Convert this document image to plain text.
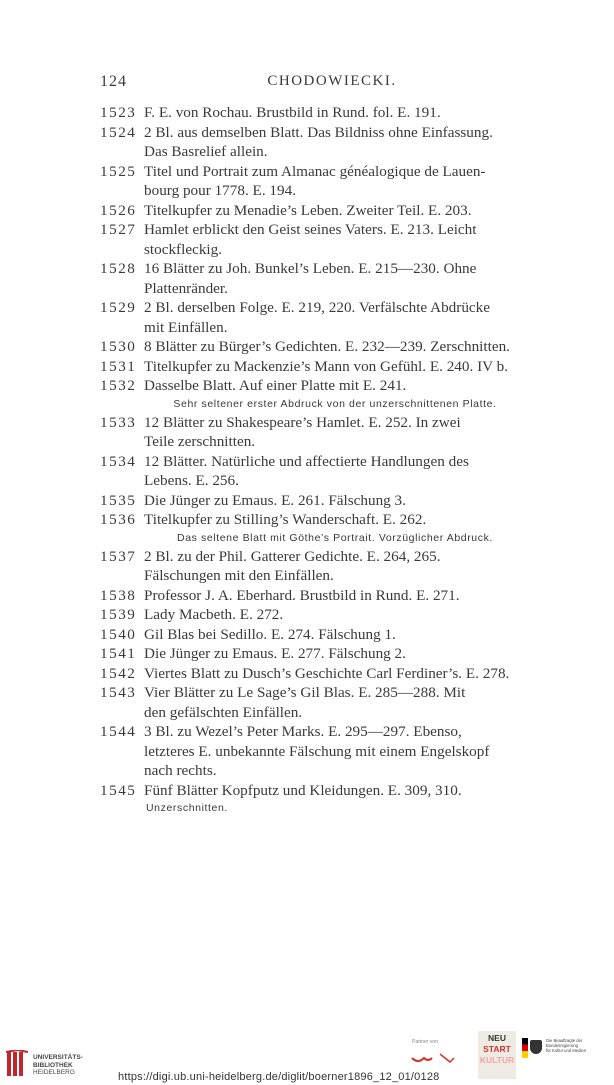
124	CHODOWIECKI.
1523 F. E. von Rochau. Brustbild in Rund. fol. E. 191.
1524 2 Bl. aus demselben Blatt. Das Bildniss ohne Einfassung.
Das Basrelief allein.
1525 Titel und Portrait zum Almanac généalogique de Lauen-
bourg pour 1778. E. 194.
1526 Titelkupfer zu Menadie’s Leben. Zweiter Teil. E. 203.
1527 Hamlet erblickt den Geist seines Vaters. E. 213. Leicht
stockfleckig.
1528 16 Blätter zu Joh. Bunkel’s Leben. E. 215—230. Ohne
Plattenränder.
1529 2 Bl. derselben Folge. E. 219, 220. Verfälschte Abdrücke
mit Einfällen.
1530 8 Blätter zu Bürger’s Gedichten. E. 232—239. Zerschnitten.
1531 Titelkupfer zu Mackenzie’s Mann von Gefühl. E. 240. IV b.
1532 Dasselbe Blatt. Auf einer Platte mit E. 241.
Sehr seltener erster Abdruck von der unzerschnittenen Platte.
1533 12 Blätter zu Shakespeare’s Hamlet. E. 252. In zwei
Teile zerschnitten.
1534 12 Blätter. Natürliche und affectierte Handlungen des
Lebens. E. 256.
1535 Die Jünger zu Emaus. E. 261. Fälschung 3.
1536 Titelkupfer zu Stilling’s Wanderschaft. E. 262.
Das seltene Blatt mit Göthe’s Portrait. Vorzüglicher Abdruck.
1537 2 Bl. zu der Phil. Gatterer Gedichte. E. 264, 265.
Fälschungen mit den Einfällen.
1538 Professor J. A. Eberhard. Brustbild in Rund. E. 271.
1539 Lady Macbeth. E. 272.
1540 Gil Blas bei Sedillo. E. 274. Fälschung 1.
1541 Die Jünger zu Emaus. E. 277. Fälschung 2.
1542 Viertes Blatt zu Dusch’s Geschichte Carl Ferdiner’s. E. 278.
1543 Vier Blätter zu Le Sage’s Gil Blas. E. 285—288. Mit
den gefälschten Einfällen.
1544 3 Bl. zu Wezel’s Peter Marks. E. 295—297. Ebenso,
letzteres E. unbekannte Fälschung mit einem Engelskopf
nach rechts.
1545 Fünf Blätter Kopfputz und Kleidungen. E. 309, 310.
Unzerschnitten.
UNIVERSITÄTS-
BIBLIOTHEK
HEIDELBERG
Partner von	NEU
START
KULTUR
Die Beauftragte der Bundesregierung
für Kultur und Medien
https://digi.ub.uni-heidelberg.de/diglit/boerner1896_12_01/0128
